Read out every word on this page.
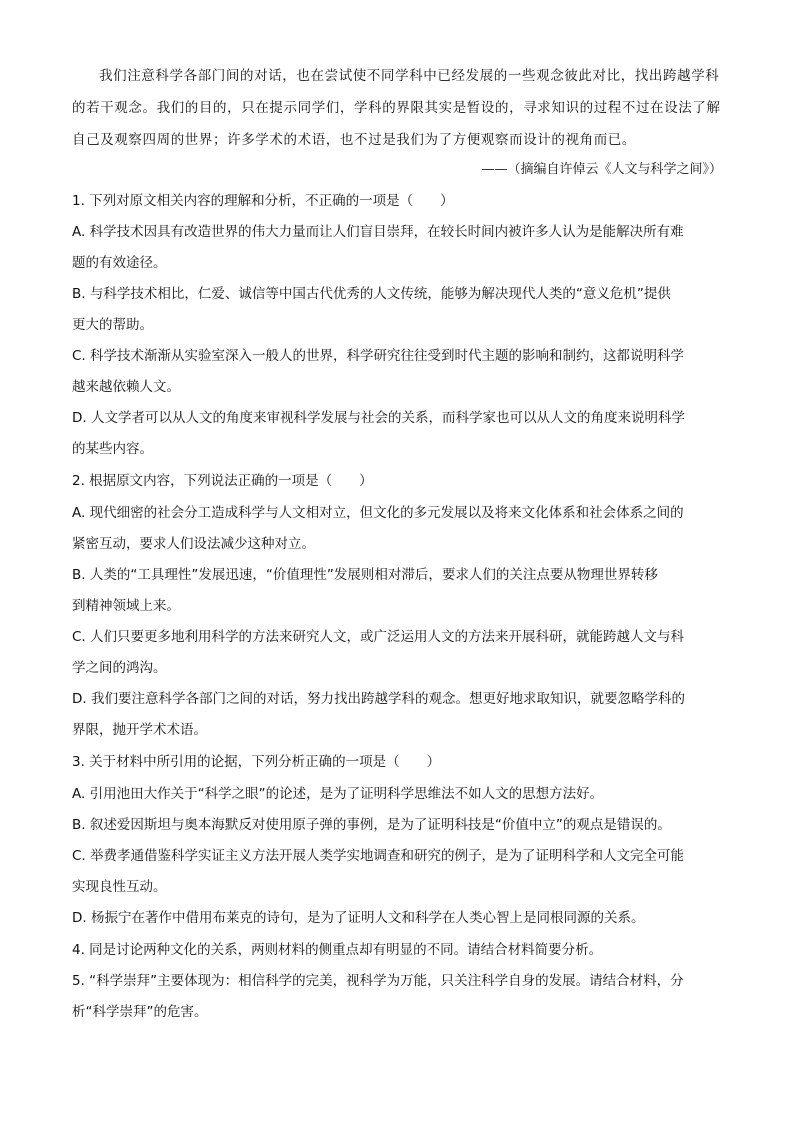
我们注意科学各部门间的对话，也在尝试使不同学科中已经发展的一些观念彼此对比，找出跨越学科
的若干观念。我们的目的，只在提示同学们，学科的界限其实是暂设的，寻求知识的过程不过在设法了解
自己及观察四周的世界；许多学术的术语，也不过是我们为了方便观察而设计的视角而已。
——（摘编自许倬云《人文与科学之间》）
1. 下列对原文相关内容的理解和分析，不正确的一项是（　　）
A. 科学技术因具有改造世界的伟大力量而让人们盲目崇拜，在较长时间内被许多人认为是能解决所有难
题的有效途径。
B. 与科学技术相比，仁爱、诚信等中国古代优秀的人文传统，能够为解决现代人类的“意义危机”提供
更大的帮助。
C. 科学技术渐渐从实验室深入一般人的世界，科学研究往往受到时代主题的影响和制约，这都说明科学
越来越依赖人文。
D. 人文学者可以从人文的角度来审视科学发展与社会的关系，而科学家也可以从人文的角度来说明科学
的某些内容。
2. 根据原文内容，下列说法正确的一项是（　　）
A. 现代细密的社会分工造成科学与人文相对立，但文化的多元发展以及将来文化体系和社会体系之间的
紧密互动，要求人们设法减少这种对立。
B. 人类的“工具理性”发展迅速，“价值理性”发展则相对滞后，要求人们的关注点要从物理世界转移
到精神领域上来。
C. 人们只要更多地利用科学的方法来研究人文，或广泛运用人文的方法来开展科研，就能跨越人文与科
学之间的鸿沟。
D. 我们要注意科学各部门之间的对话，努力找出跨越学科的观念。想更好地求取知识，就要忽略学科的
界限，抛开学术术语。
3. 关于材料中所引用的论据，下列分析正确的一项是（　　）
A. 引用池田大作关于“科学之眼”的论述，是为了证明科学思维法不如人文的思想方法好。
B. 叙述爱因斯坦与奥本海默反对使用原子弹的事例，是为了证明科技是“价值中立”的观点是错误的。
C. 举费孝通借鉴科学实证主义方法开展人类学实地调查和研究的例子，是为了证明科学和人文完全可能
实现良性互动。
D. 杨振宁在著作中借用布莱克的诗句，是为了证明人文和科学在人类心智上是同根同源的关系。
4. 同是讨论两种文化的关系，两则材料的侧重点却有明显的不同。请结合材料简要分析。
5. “科学崇拜”主要体现为：相信科学的完美，视科学为万能，只关注科学自身的发展。请结合材料，分
析“科学崇拜”的危害。
